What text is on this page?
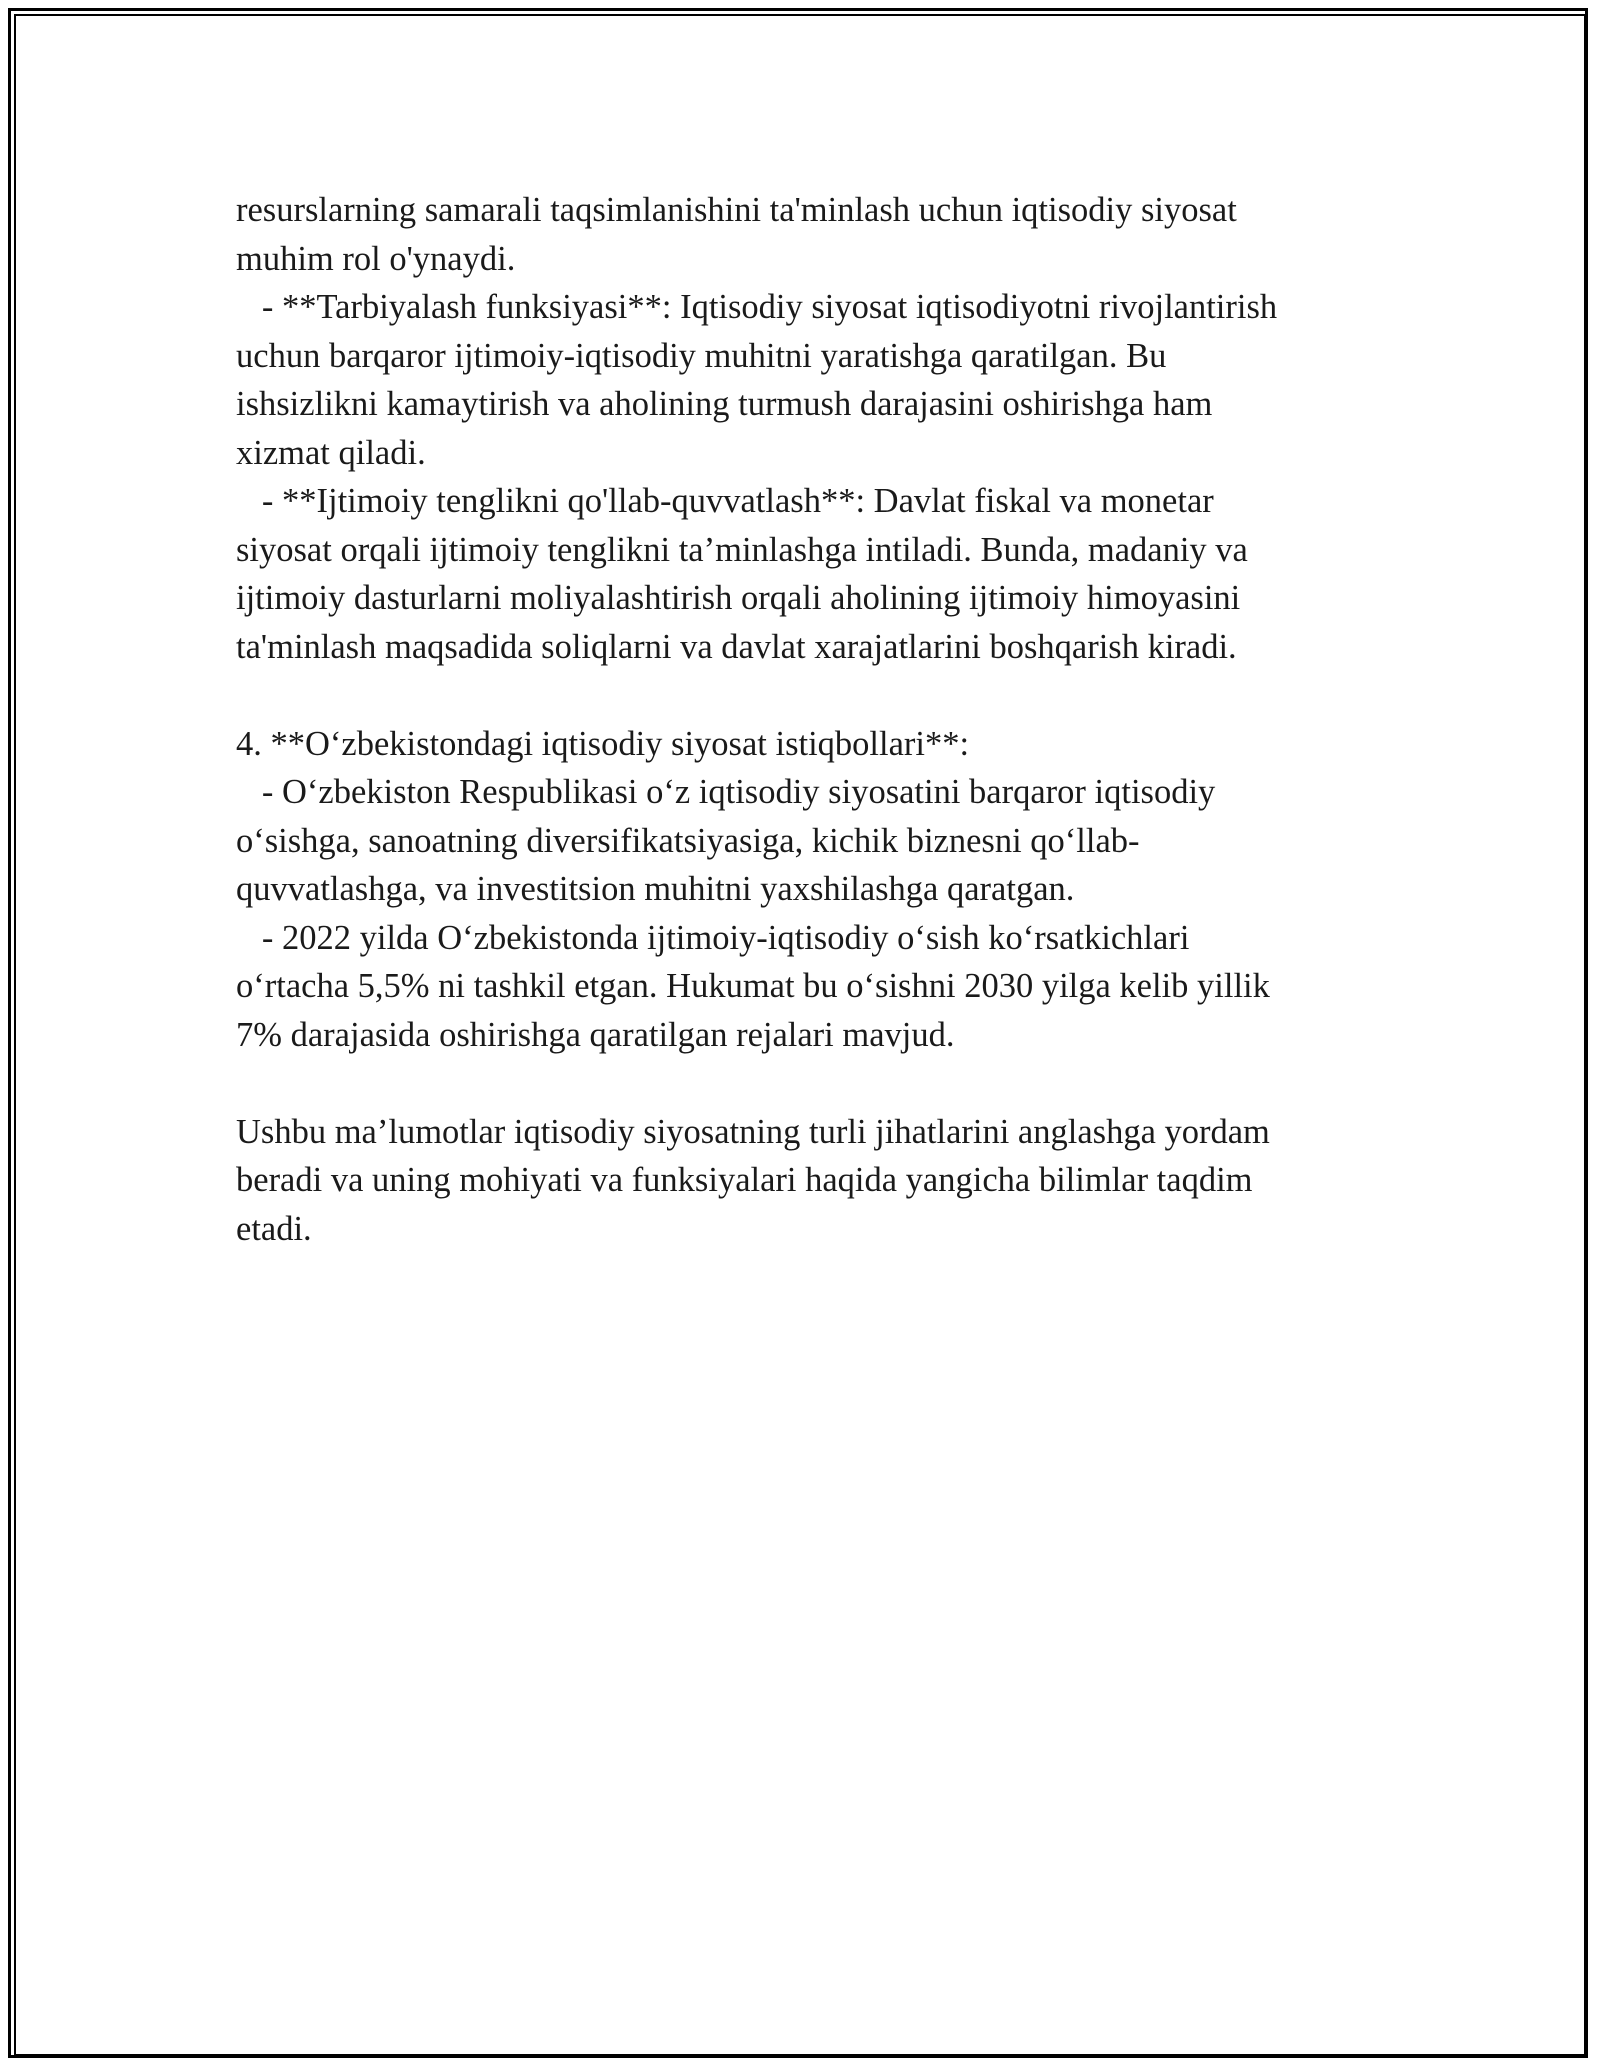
resurslarning samarali taqsimlanishini ta'minlash uchun iqtisodiy siyosat
muhim rol o'ynaydi.
- **Tarbiyalash funksiyasi**: Iqtisodiy siyosat iqtisodiyotni rivojlantirish
uchun barqaror ijtimoiy-iqtisodiy muhitni yaratishga qaratilgan. Bu
ishsizlikni kamaytirish va aholining turmush darajasini oshirishga ham
xizmat qiladi.
- **Ijtimoiy tenglikni qo'llab-quvvatlash**: Davlat fiskal va monetar
siyosat orqali ijtimoiy tenglikni ta’minlashga intiladi. Bunda, madaniy va
ijtimoiy dasturlarni moliyalashtirish orqali aholining ijtimoiy himoyasini
ta'minlash maqsadida soliqlarni va davlat xarajatlarini boshqarish kiradi.
4. **O‘zbekistondagi iqtisodiy siyosat istiqbollari**:
- O‘zbekiston Respublikasi o‘z iqtisodiy siyosatini barqaror iqtisodiy
o‘sishga, sanoatning diversifikatsiyasiga, kichik biznesni qo‘llab-
quvvatlashga, va investitsion muhitni yaxshilashga qaratgan.
- 2022 yilda O‘zbekistonda ijtimoiy-iqtisodiy o‘sish ko‘rsatkichlari
o‘rtacha 5,5% ni tashkil etgan. Hukumat bu o‘sishni 2030 yilga kelib yillik
7% darajasida oshirishga qaratilgan rejalari mavjud.
Ushbu ma’lumotlar iqtisodiy siyosatning turli jihatlarini anglashga yordam
beradi va uning mohiyati va funksiyalari haqida yangicha bilimlar taqdim
etadi.
